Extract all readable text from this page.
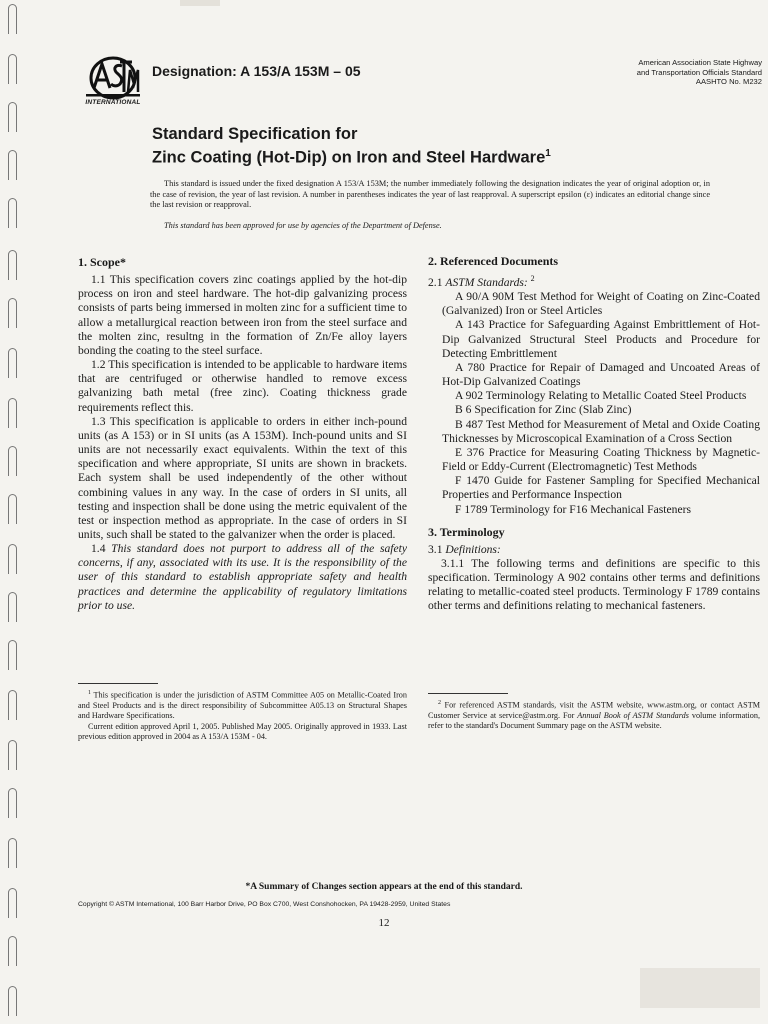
INTERNATIONAL
Designation: A 153/A 153M – 05
American Association State Highway
and Transportation Officials Standard
AASHTO No. M232
Standard Specification for
Zinc Coating (Hot-Dip) on Iron and Steel Hardware$^1$

This standard is issued under the fixed designation A 153/A 153M; the number immediately following the designation indicates the year of original adoption or, in the case of revision, the year of last revision. A number in parentheses indicates the year of last reapproval. A superscript epsilon (ε) indicates an editorial change since the last revision or reapproval.

This standard has been approved for use by agencies of the Department of Defense.
1. Scope*

1.1 This specification covers zinc coatings applied by the hot-dip process on iron and steel hardware. The hot-dip galvanizing process consists of parts being immersed in molten zinc for a sufficient time to allow a metallurgical reaction between iron from the steel surface and the molten zinc, resultng in the formation of Zn/Fe alloy layers bonding the coating to the steel surface.

1.2 This specification is intended to be applicable to hardware items that are centrifuged or otherwise handled to remove excess galvanizing bath metal (free zinc). Coating thickness grade requirements reflect this.

1.3 This specification is applicable to orders in either inch-pound units (as A 153) or in SI units (as A 153M). Inch-pound units and SI units are not necessarily exact equivalents. Within the text of this specification and where appropriate, SI units are shown in brackets. Each system shall be used independently of the other without combining values in any way. In the case of orders in SI units, all testing and inspection shall be done using the metric equivalent of the test or inspection method as appropriate. In the case of orders in SI units, such shall be stated to the galvanizer when the order is placed.

1.4 This standard does not purport to address all of the safety concerns, if any, associated with its use. It is the responsibility of the user of this standard to establish appropriate safety and health practices and determine the applicability of regulatory limitations prior to use.

2. Referenced Documents

2.1 ASTM Standards: $^2$

A 90/A 90M Test Method for Weight of Coating on Zinc-Coated (Galvanized) Iron or Steel Articles

A 143 Practice for Safeguarding Against Embrittlement of Hot-Dip Galvanized Structural Steel Products and Procedure for Detecting Embrittlement

A 780 Practice for Repair of Damaged and Uncoated Areas of Hot-Dip Galvanized Coatings

A 902 Terminology Relating to Metallic Coated Steel Products

B 6 Specification for Zinc (Slab Zinc)

B 487 Test Method for Measurement of Metal and Oxide Coating Thicknesses by Microscopical Examination of a Cross Section

E 376 Practice for Measuring Coating Thickness by Magnetic-Field or Eddy-Current (Electromagnetic) Test Methods

F 1470 Guide for Fastener Sampling for Specified Mechanical Properties and Performance Inspection

F 1789 Terminology for F16 Mechanical Fasteners

3. Terminology

3.1 Definitions:

3.1.1 The following terms and definitions are specific to this specification. Terminology A 902 contains other terms and definitions relating to metallic-coated steel products. Terminology F 1789 contains other terms and definitions relating to mechanical fasteners.

$^1$ This specification is under the jurisdiction of ASTM Committee A05 on Metallic-Coated Iron and Steel Products and is the direct responsibility of Subcommittee A05.13 on Structural Shapes and Hardware Specifications.

Current edition approved April 1, 2005. Published May 2005. Originally approved in 1933. Last previous edition approved in 2004 as A 153/A 153M - 04.

$^2$ For referenced ASTM standards, visit the ASTM website, www.astm.org, or contact ASTM Customer Service at service@astm.org. For Annual Book of ASTM Standards volume information, refer to the standard's Document Summary page on the ASTM website.

*A Summary of Changes section appears at the end of this standard.
Copyright © ASTM International, 100 Barr Harbor Drive, PO Box C700, West Conshohocken, PA 19428-2959, United States
12
